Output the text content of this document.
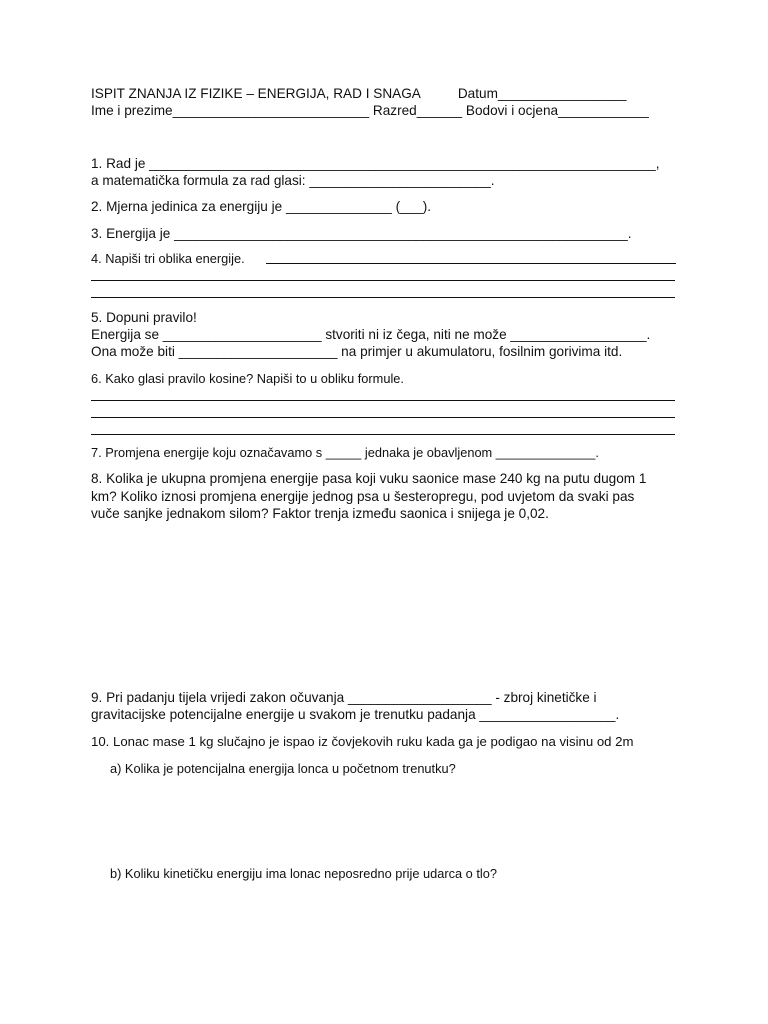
ISPIT ZNANJA IZ FIZIKE – ENERGIJA, RAD I SNAGA          Datum_________________
Ime i prezime__________________________ Razred______ Bodovi i ocjena____________
1. Rad je ___________________________________________________________________,
a matematička formula za rad glasi: ________________________.
2. Mjerna jedinica za energiju je ______________ (___).
3. Energija je ____________________________________________________________.
4. Napiši tri oblika energije.
5. Dopuni pravilo!
Energija se _____________________ stvoriti ni iz čega, niti ne može __________________.
Ona može biti _____________________ na primjer u akumulatoru, fosilnim gorivima itd.
6. Kako glasi pravilo kosine? Napiši to u obliku formule.
7. Promjena energije koju označavamo s _____ jednaka je obavljenom ______________.
8. Kolika je ukupna promjena energije pasa koji vuku saonice mase 240 kg na putu dugom 1
km? Koliko iznosi promjena energije jednog psa u šesteropregu, pod uvjetom da svaki pas
vuče sanjke jednakom silom? Faktor trenja između saonica i snijega je 0,02.
9. Pri padanju tijela vrijedi zakon očuvanja ___________________ - zbroj kinetičke i
gravitacijske potencijalne energije u svakom je trenutku padanja __________________.
10. Lonac mase 1 kg slučajno je ispao iz čovjekovih ruku kada ga je podigao na visinu od 2m
a) Kolika je potencijalna energija lonca u početnom trenutku?
b) Koliku kinetičku energiju ima lonac neposredno prije udarca o tlo?
